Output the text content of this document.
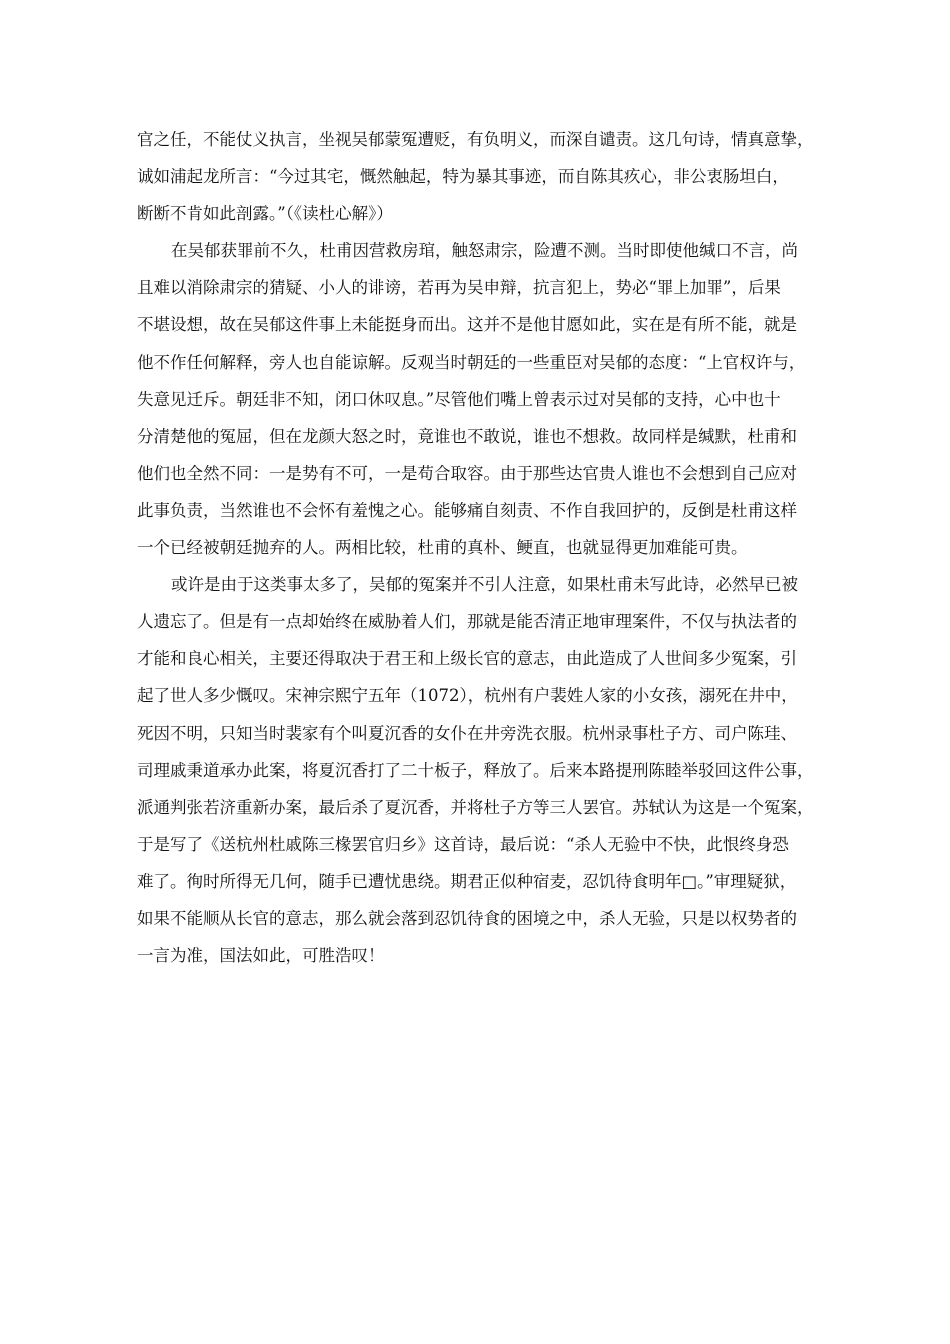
官之任，不能仗义执言，坐视吴郁蒙冤遭贬，有负明义，而深自谴责。这几句诗，情真意挚，
诚如浦起龙所言：“今过其宅，慨然触起，特为暴其事迹，而自陈其疚心，非公衷肠坦白，
断断不肯如此剖露。”（《读杜心解》）
在吴郁获罪前不久，杜甫因营救房琯，触怒肃宗，险遭不测。当时即使他缄口不言，尚
且难以消除肃宗的猜疑、小人的诽谤，若再为吴申辩，抗言犯上，势必“罪上加罪”，后果
不堪设想，故在吴郁这件事上未能挺身而出。这并不是他甘愿如此，实在是有所不能，就是
他不作任何解释，旁人也自能谅解。反观当时朝廷的一些重臣对吴郁的态度：“上官权许与，
失意见迁斥。朝廷非不知，闭口休叹息。”尽管他们嘴上曾表示过对吴郁的支持，心中也十
分清楚他的冤屈，但在龙颜大怒之时，竟谁也不敢说，谁也不想救。故同样是缄默，杜甫和
他们也全然不同：一是势有不可，一是苟合取容。由于那些达官贵人谁也不会想到自己应对
此事负责，当然谁也不会怀有羞愧之心。能够痛自刻责、不作自我回护的，反倒是杜甫这样
一个已经被朝廷抛弃的人。两相比较，杜甫的真朴、鲠直，也就显得更加难能可贵。
或许是由于这类事太多了，吴郁的冤案并不引人注意，如果杜甫未写此诗，必然早已被
人遗忘了。但是有一点却始终在威胁着人们，那就是能否清正地审理案件，不仅与执法者的
才能和良心相关，主要还得取决于君王和上级长官的意志，由此造成了人世间多少冤案，引
起了世人多少慨叹。宋神宗熙宁五年（1072），杭州有户裴姓人家的小女孩，溺死在井中，
死因不明，只知当时裴家有个叫夏沉香的女仆在井旁洗衣服。杭州录事杜子方、司户陈珪、
司理戚秉道承办此案，将夏沉香打了二十板子，释放了。后来本路提刑陈睦举驳回这件公事，
派通判张若济重新办案，最后杀了夏沉香，并将杜子方等三人罢官。苏轼认为这是一个冤案，
于是写了《送杭州杜戚陈三椽罢官归乡》这首诗，最后说：“杀人无验中不快，此恨终身恐
难了。徇时所得无几何，随手已遭忧患绕。期君正似种宿麦，忍饥待食明年□。”审理疑狱，
如果不能顺从长官的意志，那么就会落到忍饥待食的困境之中，杀人无验，只是以权势者的
一言为准，国法如此，可胜浩叹！
